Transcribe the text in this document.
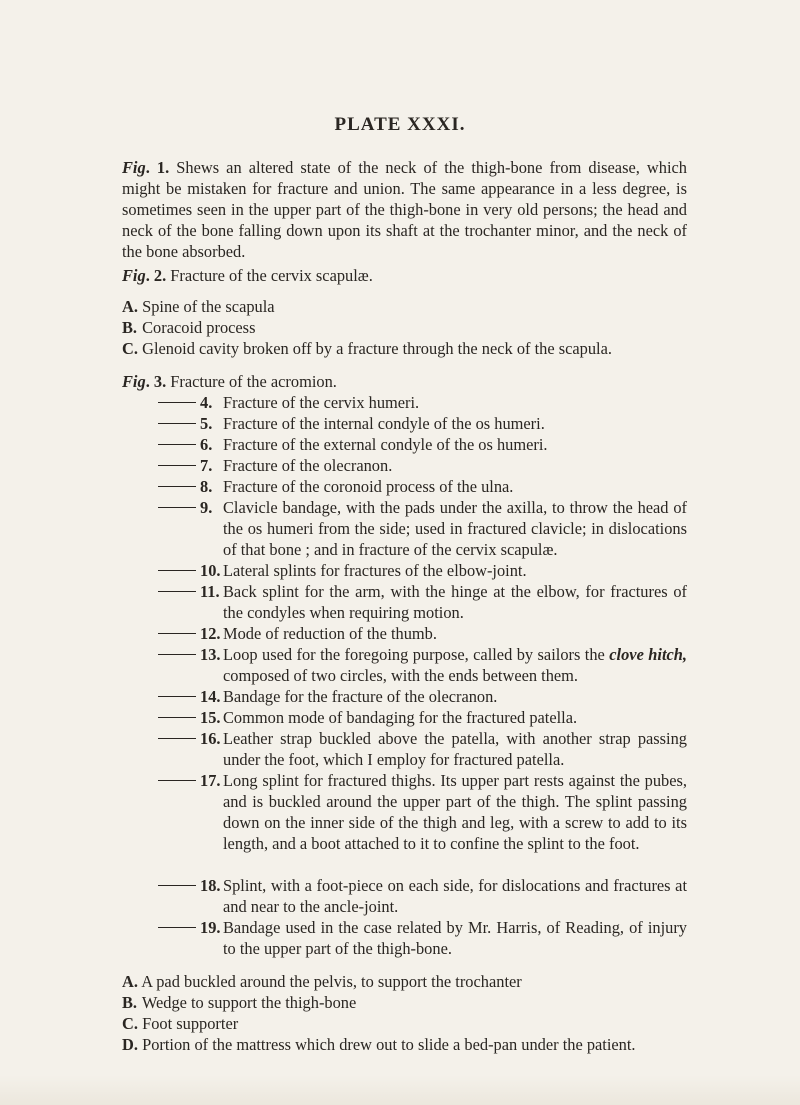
PLATE XXXI.

Fig. 1. Shews an altered state of the neck of the thigh-bone from disease, which might be mistaken for fracture and union. The same appearance in a less degree, is sometimes seen in the upper part of the thigh-bone in very old persons; the head and neck of the bone falling down upon its shaft at the trochanter minor, and the neck of the bone absorbed.

Fig. 2. Fracture of the cervix scapulæ.

A. Spine of the scapula
B. Coracoid process
C. Glenoid cavity broken off by a fracture through the neck of the scapula.

Fig. 3. Fracture of the acromion.

4. Fracture of the cervix humeri.
5. Fracture of the internal condyle of the os humeri.
6. Fracture of the external condyle of the os humeri.
7. Fracture of the olecranon.
8. Fracture of the coronoid process of the ulna.
9. Clavicle bandage, with the pads under the axilla, to throw the head of the os humeri from the side; used in fractured clavicle; in dislocations of that bone ; and in fracture of the cervix scapulæ.
10. Lateral splints for fractures of the elbow-joint.
11. Back splint for the arm, with the hinge at the elbow, for fractures of the condyles when requiring motion.
12. Mode of reduction of the thumb.
13. Loop used for the foregoing purpose, called by sailors the clove hitch, composed of two circles, with the ends between them.
14. Bandage for the fracture of the olecranon.
15. Common mode of bandaging for the fractured patella.
16. Leather strap buckled above the patella, with another strap passing under the foot, which I employ for fractured patella.
17. Long splint for fractured thighs. Its upper part rests against the pubes, and is buckled around the upper part of the thigh. The splint passing down on the inner side of the thigh and leg, with a screw to add to its length, and a boot attached to it to confine the splint to the foot.
18. Splint, with a foot-piece on each side, for dislocations and fractures at and near to the ancle-joint.
19. Bandage used in the case related by Mr. Harris, of Reading, of injury to the upper part of the thigh-bone.
A. A pad buckled around the pelvis, to support the trochanter
B. Wedge to support the thigh-bone
C. Foot supporter
D. Portion of the mattress which drew out to slide a bed-pan under the patient.
